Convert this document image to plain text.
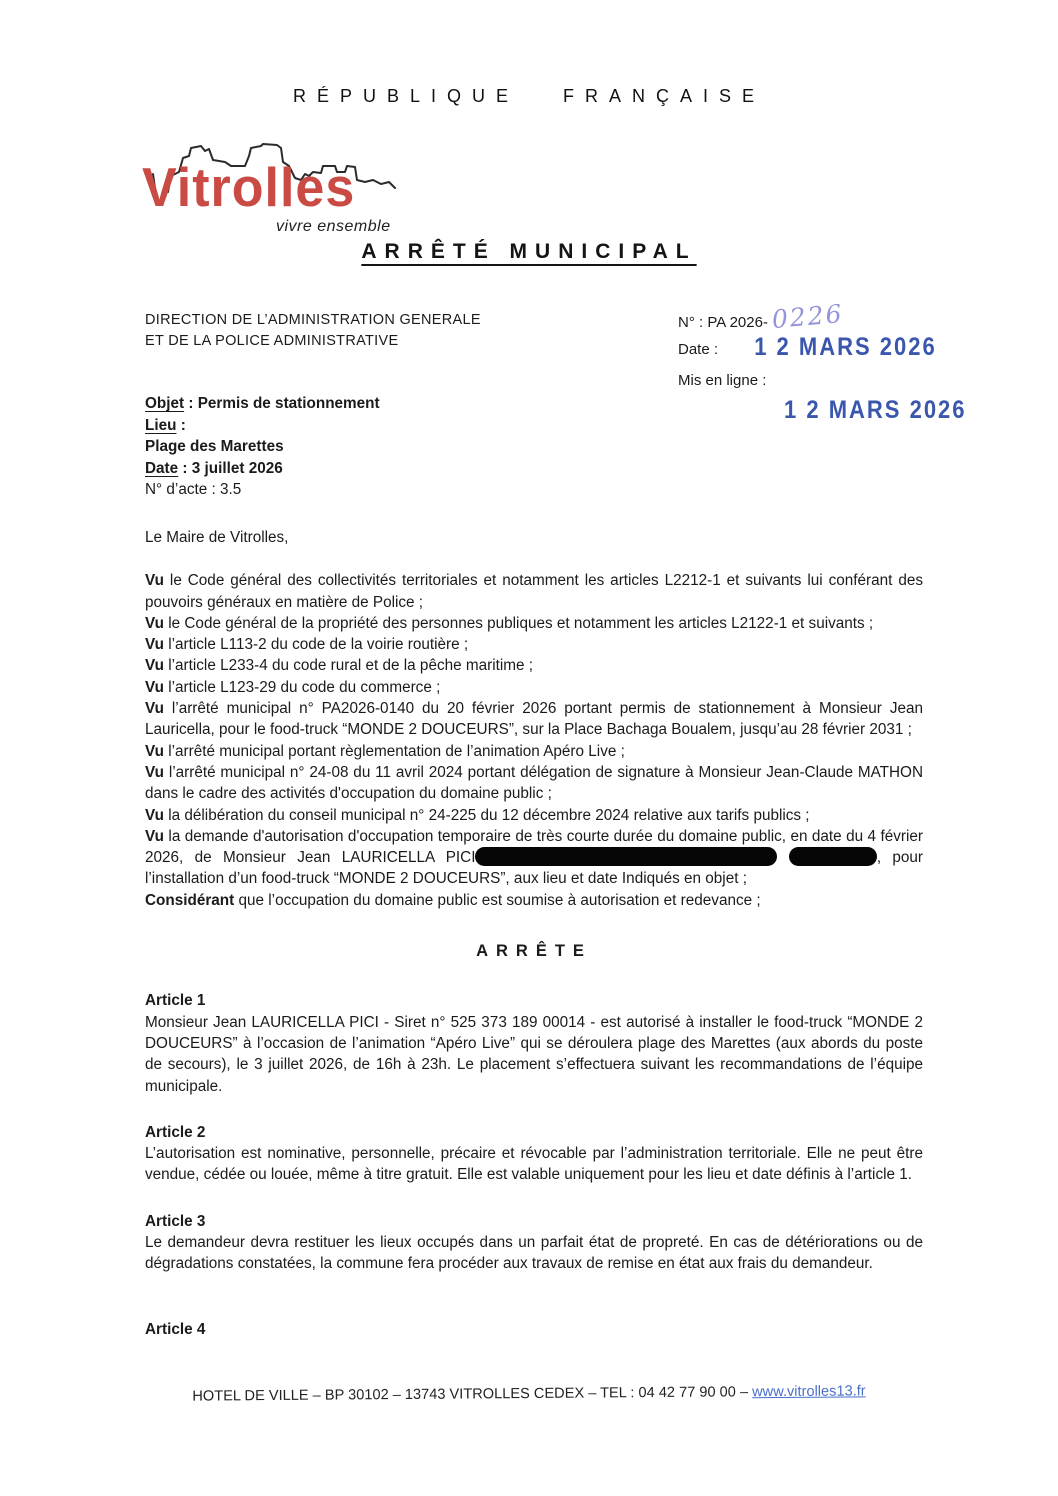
RÉPUBLIQUE FRANÇAISE
Vitrolles
vivre ensemble
ARRÊTÉ MUNICIPAL
DIRECTION DE L’ADMINISTRATION GENERALE
ET DE LA POLICE ADMINISTRATIVE
N° : PA 2026- 0226
Date : 1 2 MARS 2026
Mis en ligne :
1 2 MARS 2026
Objet : Permis de stationnement
Lieu :
Plage des Marettes
Date : 3 juillet 2026
N° d’acte : 3.5

Le Maire de Vitrolles,

Vu le Code général des collectivités territoriales et notamment les articles L2212-1 et suivants lui conférant des pouvoirs généraux en matière de Police ;

Vu le Code général de la propriété des personnes publiques et notamment les articles L2122-1 et suivants ;

Vu l’article L113-2 du code de la voirie routière ;

Vu l’article L233-4 du code rural et de la pêche maritime ;

Vu l’article L123-29 du code du commerce ;

Vu l’arrêté municipal n° PA2026-0140 du 20 février 2026 portant permis de stationnement à Monsieur Jean Lauricella, pour le food-truck “MONDE 2 DOUCEURS”, sur la Place Bachaga Boualem, jusqu’au 28 février 2031 ;

Vu l’arrêté municipal portant règlementation de l’animation Apéro Live ;

Vu l’arrêté municipal n° 24-08 du 11 avril 2024 portant délégation de signature à Monsieur Jean-Claude MATHON dans le cadre des activités d'occupation du domaine public ;

Vu la délibération du conseil municipal n° 24-225 du 12 décembre 2024 relative aux tarifs publics ;

Vu la demande d'autorisation d'occupation temporaire de très courte durée du domaine public, en date du 4 février 2026, de Monsieur Jean LAURICELLA PICI	, pour l’installation d’un food-truck “MONDE 2 DOUCEURS”, aux lieu et date Indiqués en objet ;

Considérant que l’occupation du domaine public est soumise à autorisation et redevance ;

ARRÊTE
Article 1
Monsieur Jean LAURICELLA PICI - Siret n° 525 373 189 00014 - est autorisé à installer le food-truck “MONDE 2 DOUCEURS” à l’occasion de l’animation “Apéro Live” qui se déroulera plage des Marettes (aux abords du poste de secours), le 3 juillet 2026, de 16h à 23h. Le placement s’effectuera suivant les recommandations de l’équipe municipale.
Article 2
L’autorisation est nominative, personnelle, précaire et révocable par l’administration territoriale. Elle ne peut être vendue, cédée ou louée, même à titre gratuit. Elle est valable uniquement pour les lieu et date définis à l’article 1.
Article 3
Le demandeur devra restituer les lieux occupés dans un parfait état de propreté. En cas de détériorations ou de dégradations constatées, la commune fera procéder aux travaux de remise en état aux frais du demandeur.
Article 4
HOTEL DE VILLE – BP 30102 – 13743 VITROLLES CEDEX – TEL : 04 42 77 90 00 – www.vitrolles13.fr
